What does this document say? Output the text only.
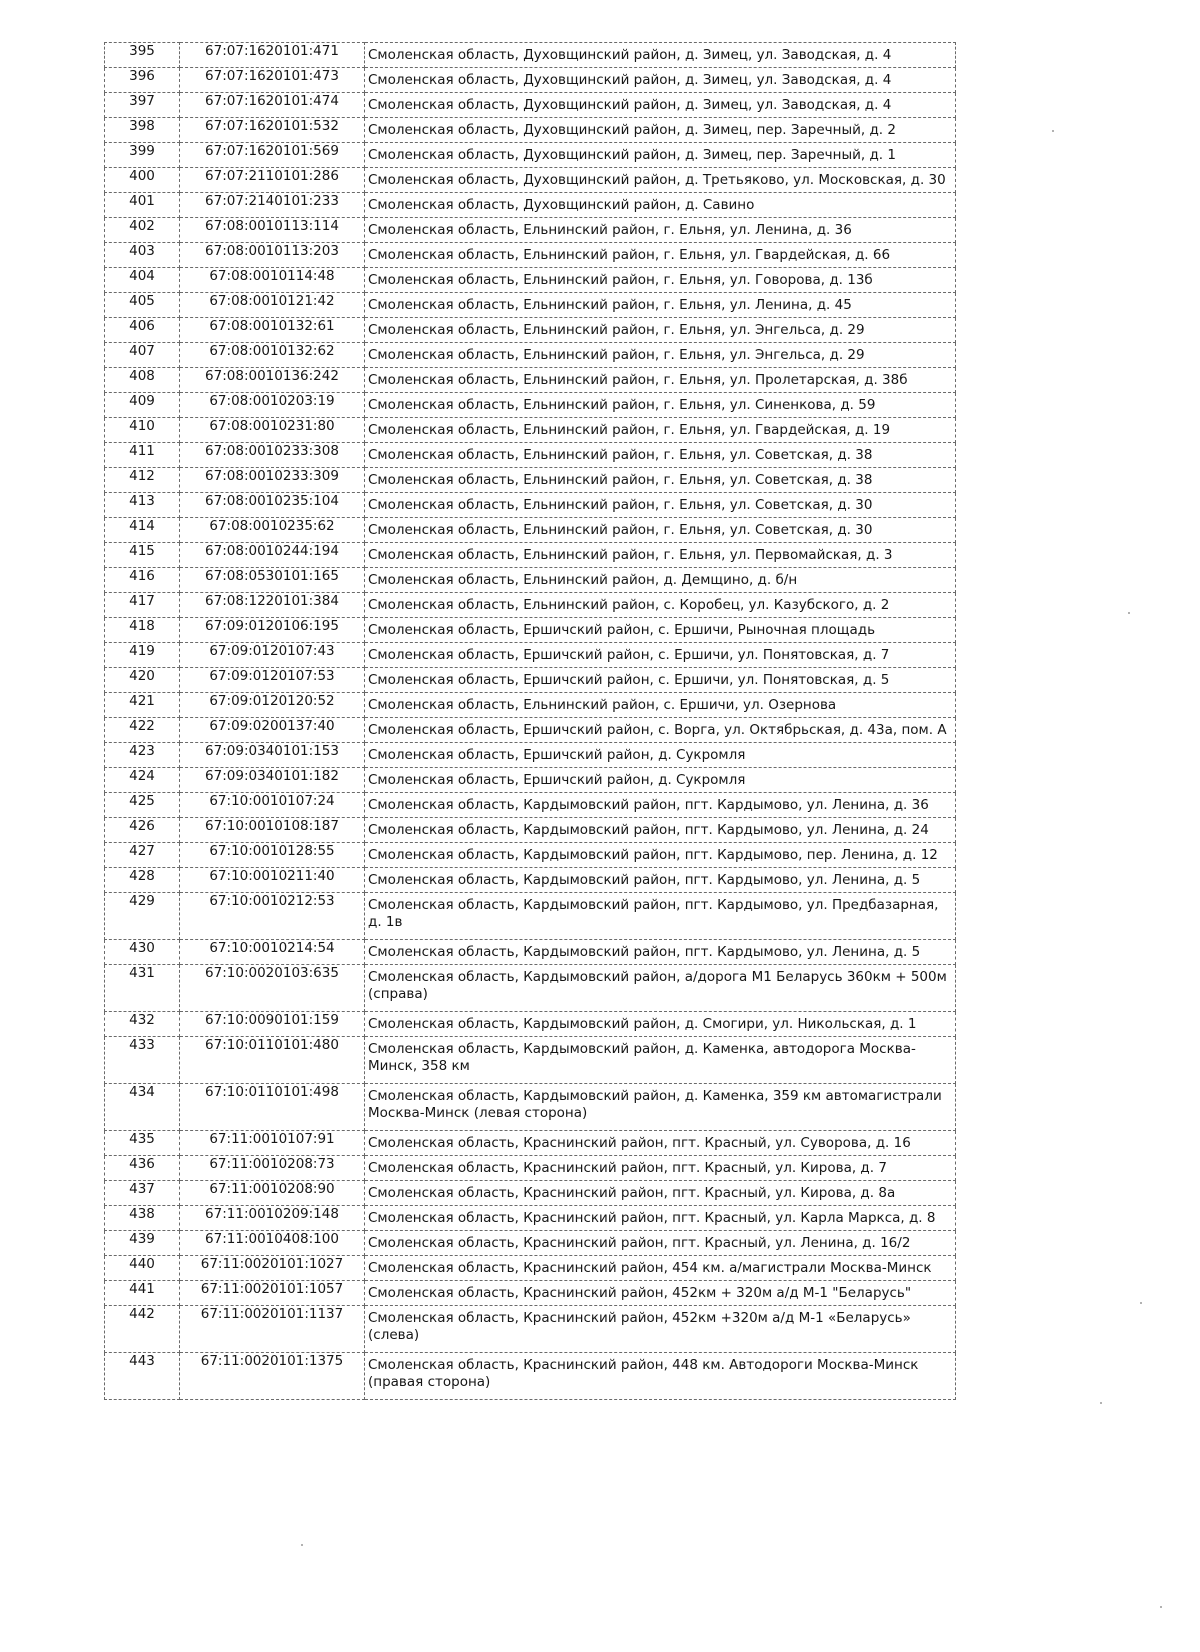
395	67:07:1620101:471	Смоленская область, Духовщинский район, д. Зимец, ул. Заводская, д. 4
396	67:07:1620101:473	Смоленская область, Духовщинский район, д. Зимец, ул. Заводская, д. 4
397	67:07:1620101:474	Смоленская область, Духовщинский район, д. Зимец, ул. Заводская, д. 4
398	67:07:1620101:532	Смоленская область, Духовщинский район, д. Зимец, пер. Заречный, д. 2
399	67:07:1620101:569	Смоленская область, Духовщинский район, д. Зимец, пер. Заречный, д. 1
400	67:07:2110101:286	Смоленская область, Духовщинский район, д. Третьяково, ул. Московская, д. 30
401	67:07:2140101:233	Смоленская область, Духовщинский район, д. Савино
402	67:08:0010113:114	Смоленская область, Ельнинский район, г. Ельня, ул. Ленина, д. 36
403	67:08:0010113:203	Смоленская область, Ельнинский район, г. Ельня, ул. Гвардейская, д. 66
404	67:08:0010114:48	Смоленская область, Ельнинский район, г. Ельня, ул. Говорова, д. 13б
405	67:08:0010121:42	Смоленская область, Ельнинский район, г. Ельня, ул. Ленина, д. 45
406	67:08:0010132:61	Смоленская область, Ельнинский район, г. Ельня, ул. Энгельса, д. 29
407	67:08:0010132:62	Смоленская область, Ельнинский район, г. Ельня, ул. Энгельса, д. 29
408	67:08:0010136:242	Смоленская область, Ельнинский район, г. Ельня, ул. Пролетарская, д. 38б
409	67:08:0010203:19	Смоленская область, Ельнинский район, г. Ельня, ул. Синенкова, д. 59
410	67:08:0010231:80	Смоленская область, Ельнинский район, г. Ельня, ул. Гвардейская, д. 19
411	67:08:0010233:308	Смоленская область, Ельнинский район, г. Ельня, ул. Советская, д. 38
412	67:08:0010233:309	Смоленская область, Ельнинский район, г. Ельня, ул. Советская, д. 38
413	67:08:0010235:104	Смоленская область, Ельнинский район, г. Ельня, ул. Советская, д. 30
414	67:08:0010235:62	Смоленская область, Ельнинский район, г. Ельня, ул. Советская, д. 30
415	67:08:0010244:194	Смоленская область, Ельнинский район, г. Ельня, ул. Первомайская, д. 3
416	67:08:0530101:165	Смоленская область, Ельнинский район, д. Демщино, д. б/н
417	67:08:1220101:384	Смоленская область, Ельнинский район, с. Коробец, ул. Казубского, д. 2
418	67:09:0120106:195	Смоленская область, Ершичский район, с. Ершичи, Рыночная площадь
419	67:09:0120107:43	Смоленская область, Ершичский район, с. Ершичи, ул. Понятовская, д. 7
420	67:09:0120107:53	Смоленская область, Ершичский район, с. Ершичи, ул. Понятовская, д. 5
421	67:09:0120120:52	Смоленская область, Ельнинский район, с. Ершичи, ул. Озернова
422	67:09:0200137:40	Смоленская область, Ершичский район, с. Ворга, ул. Октябрьская, д. 43а, пом. А
423	67:09:0340101:153	Смоленская область, Ершичский район, д. Сукромля
424	67:09:0340101:182	Смоленская область, Ершичский район, д. Сукромля
425	67:10:0010107:24	Смоленская область, Кардымовский район, пгт. Кардымово, ул. Ленина, д. 36
426	67:10:0010108:187	Смоленская область, Кардымовский район, пгт. Кардымово, ул. Ленина, д. 24
427	67:10:0010128:55	Смоленская область, Кардымовский район, пгт. Кардымово, пер. Ленина, д. 12
428	67:10:0010211:40	Смоленская область, Кардымовский район, пгт. Кардымово, ул. Ленина, д. 5
429	67:10:0010212:53	Смоленская область, Кардымовский район, пгт. Кардымово, ул. Предбазарная, д. 1в
430	67:10:0010214:54	Смоленская область, Кардымовский район, пгт. Кардымово, ул. Ленина, д. 5
431	67:10:0020103:635	Смоленская область, Кардымовский район, а/дорога М1 Беларусь 360км + 500м (справа)
432	67:10:0090101:159	Смоленская область, Кардымовский район, д. Смогири, ул. Никольская, д. 1
433	67:10:0110101:480	Смоленская область, Кардымовский район, д. Каменка, автодорога Москва-Минск, 358 км
434	67:10:0110101:498	Смоленская область, Кардымовский район, д. Каменка, 359 км автомагистрали Москва-Минск (левая сторона)
435	67:11:0010107:91	Смоленская область, Краснинский район, пгт. Красный, ул. Суворова, д. 16
436	67:11:0010208:73	Смоленская область, Краснинский район, пгт. Красный, ул. Кирова, д. 7
437	67:11:0010208:90	Смоленская область, Краснинский район, пгт. Красный, ул. Кирова, д. 8а
438	67:11:0010209:148	Смоленская область, Краснинский район, пгт. Красный, ул. Карла Маркса, д. 8
439	67:11:0010408:100	Смоленская область, Краснинский район, пгт. Красный, ул. Ленина, д. 16/2
440	67:11:0020101:1027	Смоленская область, Краснинский район, 454 км. а/магистрали Москва-Минск
441	67:11:0020101:1057	Смоленская область, Краснинский район, 452км + 320м а/д М-1 "Беларусь"
442	67:11:0020101:1137	Смоленская область, Краснинский район, 452км +320м а/д М-1 «Беларусь» (слева)
443	67:11:0020101:1375	Смоленская область, Краснинский район, 448 км. Автодороги Москва-Минск (правая сторона)
